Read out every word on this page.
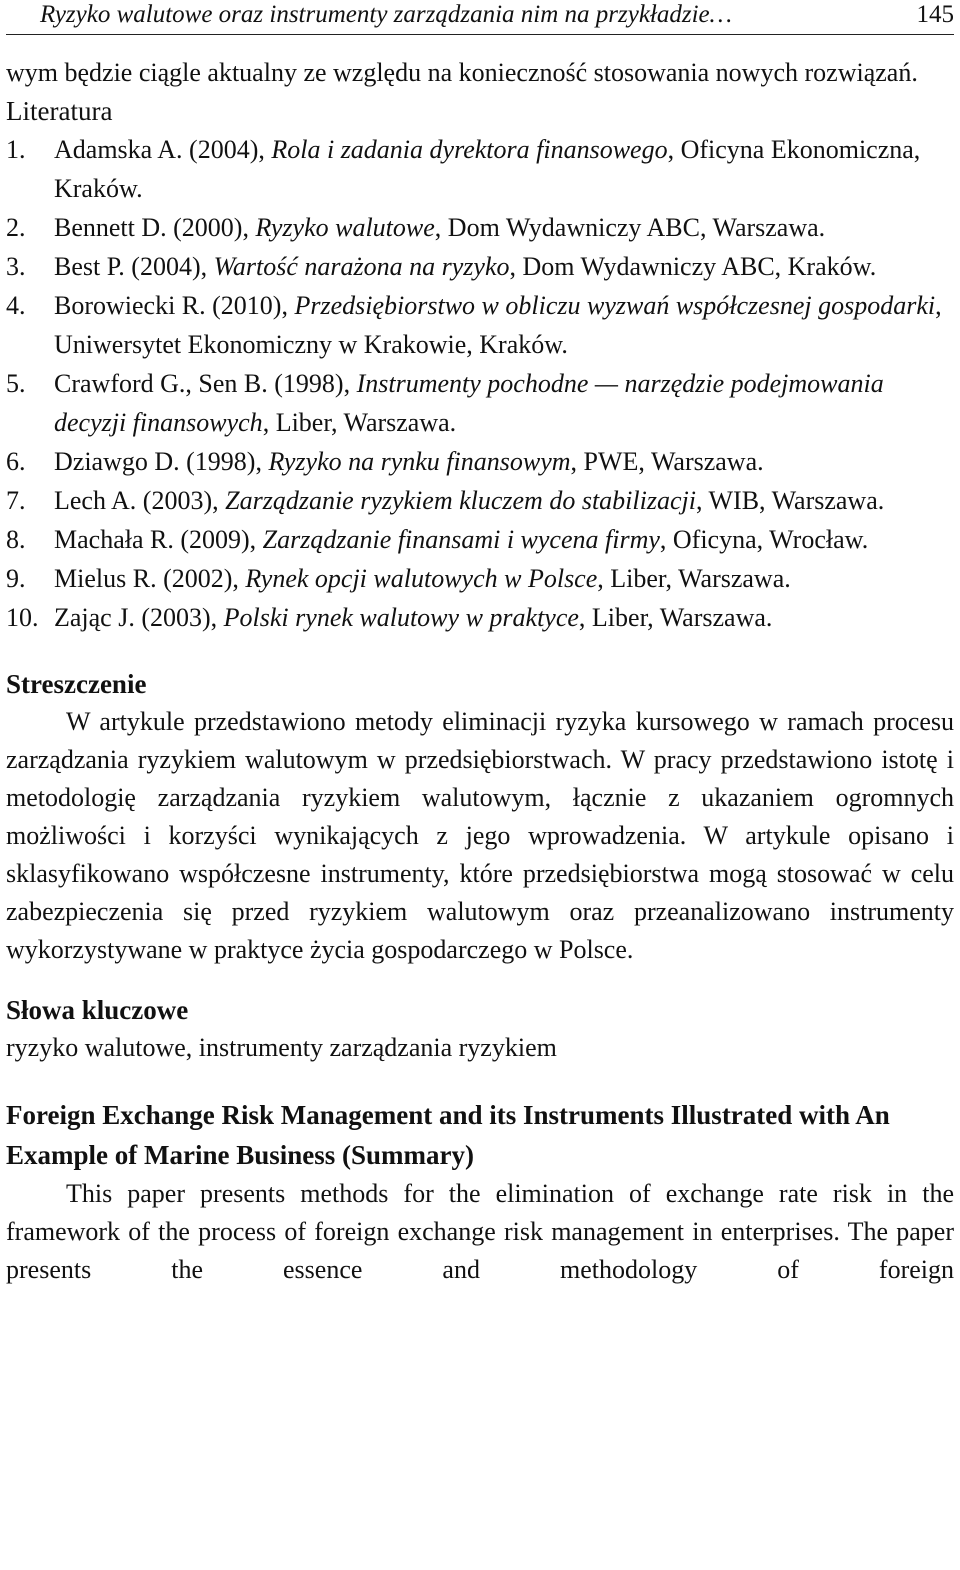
Ryzyko walutowe oraz instrumenty zarządzania nim na przykładzie…	145

wym będzie ciągle aktualny ze względu na konieczność stosowania nowych rozwiązań.

Literatura
1. Adamska A. (2004), Rola i zadania dyrektora finansowego, Oficyna Ekonomiczna, Kraków.
2. Bennett D. (2000), Ryzyko walutowe, Dom Wydawniczy ABC, Warszawa.
3. Best P. (2004), Wartość narażona na ryzyko, Dom Wydawniczy ABC, Kraków.
4. Borowiecki R. (2010), Przedsiębiorstwo w obliczu wyzwań współczesnej gospodarki, Uniwersytet Ekonomiczny w Krakowie, Kraków.
5. Crawford G., Sen B. (1998), Instrumenty pochodne — narzędzie podejmowania decyzji finansowych, Liber, Warszawa.
6. Dziawgo D. (1998), Ryzyko na rynku finansowym, PWE, Warszawa.
7. Lech A. (2003), Zarządzanie ryzykiem kluczem do stabilizacji, WIB, Warszawa.
8. Machała R. (2009), Zarządzanie finansami i wycena firmy, Oficyna, Wrocław.
9. Mielus R. (2002), Rynek opcji walutowych w Polsce, Liber, Warszawa.
10. Zając J. (2003), Polski rynek walutowy w praktyce, Liber, Warszawa.
Streszczenie

W artykule przedstawiono metody eliminacji ryzyka kursowego w ramach procesu zarządzania ryzykiem walutowym w przedsiębiorstwach. W pracy przedstawiono istotę i metodologię zarządzania ryzykiem walutowym, łącznie z ukazaniem ogromnych możliwości i korzyści wynikających z jego wprowadzenia. W artykule opisano i sklasyfikowano współczesne instrumenty, które przedsiębiorstwa mogą stosować w celu zabezpieczenia się przed ryzykiem walutowym oraz przeanalizowano instrumenty wykorzystywane w praktyce życia gospodarczego w Polsce.

Słowa kluczowe

ryzyko walutowe, instrumenty zarządzania ryzykiem

Foreign Exchange Risk Management and its Instruments Illustrated with An Example of Marine Business (Summary)

This paper presents methods for the elimination of exchange rate risk in the framework of the process of foreign exchange risk management in enterprises. The paper presents the essence and methodology of foreign
